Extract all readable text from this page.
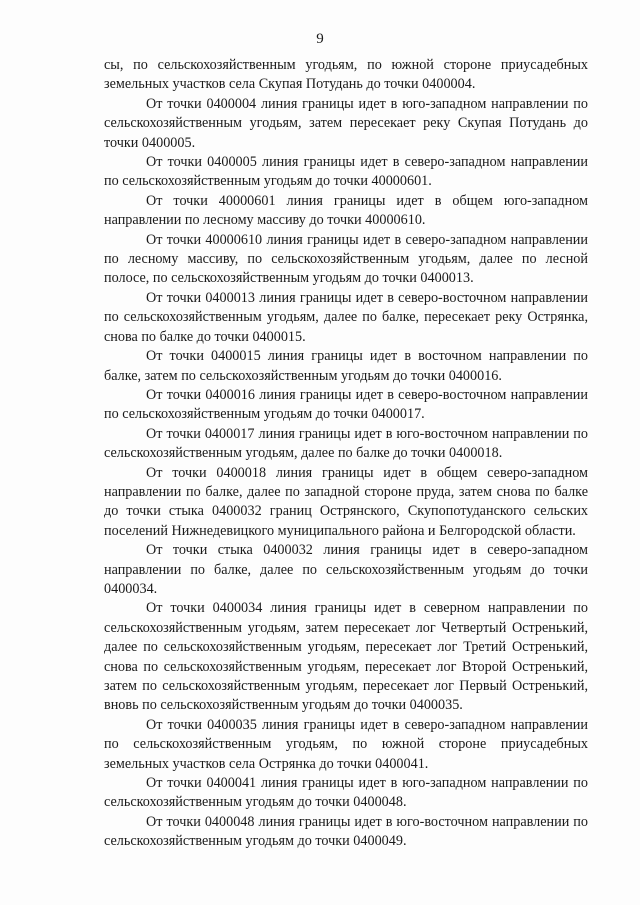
9

сы, по сельскохозяйственным угодьям, по южной стороне приусадебных земельных участков села Скупая Потудань до точки 0400004.

От точки 0400004 линия границы идет в юго-западном направлении по сельскохозяйственным угодьям, затем пересекает реку Скупая Потудань до точки 0400005.

От точки 0400005 линия границы идет в северо-западном направлении по сельскохозяйственным угодьям до точки 40000601.

От точки 40000601 линия границы идет в общем юго-западном направлении по лесному массиву до точки 40000610.

От точки 40000610 линия границы идет в северо-западном направлении по лесному массиву, по сельскохозяйственным угодьям, далее по лесной полосе, по сельскохозяйственным угодьям до точки 0400013.

От точки 0400013 линия границы идет в северо-восточном направлении по сельскохозяйственным угодьям, далее по балке, пересекает реку Острянка, снова по балке до точки 0400015.

От точки 0400015 линия границы идет в восточном направлении по балке, затем по сельскохозяйственным угодьям до точки 0400016.

От точки 0400016 линия границы идет в северо-восточном направлении по сельскохозяйственным угодьям до точки 0400017.

От точки 0400017 линия границы идет в юго-восточном направлении по сельскохозяйственным угодьям, далее по балке до точки 0400018.

От точки 0400018 линия границы идет в общем северо-западном направлении по балке, далее по западной стороне пруда, затем снова по балке до точки стыка 0400032 границ Острянского, Скупопотуданского сельских поселений Нижнедевицкого муниципального района и Белгородской области.

От точки стыка 0400032 линия границы идет в северо-западном направлении по балке, далее по сельскохозяйственным угодьям до точки 0400034.

От точки 0400034 линия границы идет в северном направлении по сельскохозяйственным угодьям, затем пересекает лог Четвертый Остренький, далее по сельскохозяйственным угодьям, пересекает лог Третий Остренький, снова по сельскохозяйственным угодьям, пересекает лог Второй Остренький, затем по сельскохозяйственным угодьям, пересекает лог Первый Остренький, вновь по сельскохозяйственным угодьям до точки 0400035.

От точки 0400035 линия границы идет в северо-западном направлении по сельскохозяйственным угодьям, по южной стороне приусадебных земельных участков села Острянка до точки 0400041.

От точки 0400041 линия границы идет в юго-западном направлении по сельскохозяйственным угодьям до точки 0400048.

От точки 0400048 линия границы идет в юго-восточном направлении по сельскохозяйственным угодьям до точки 0400049.
